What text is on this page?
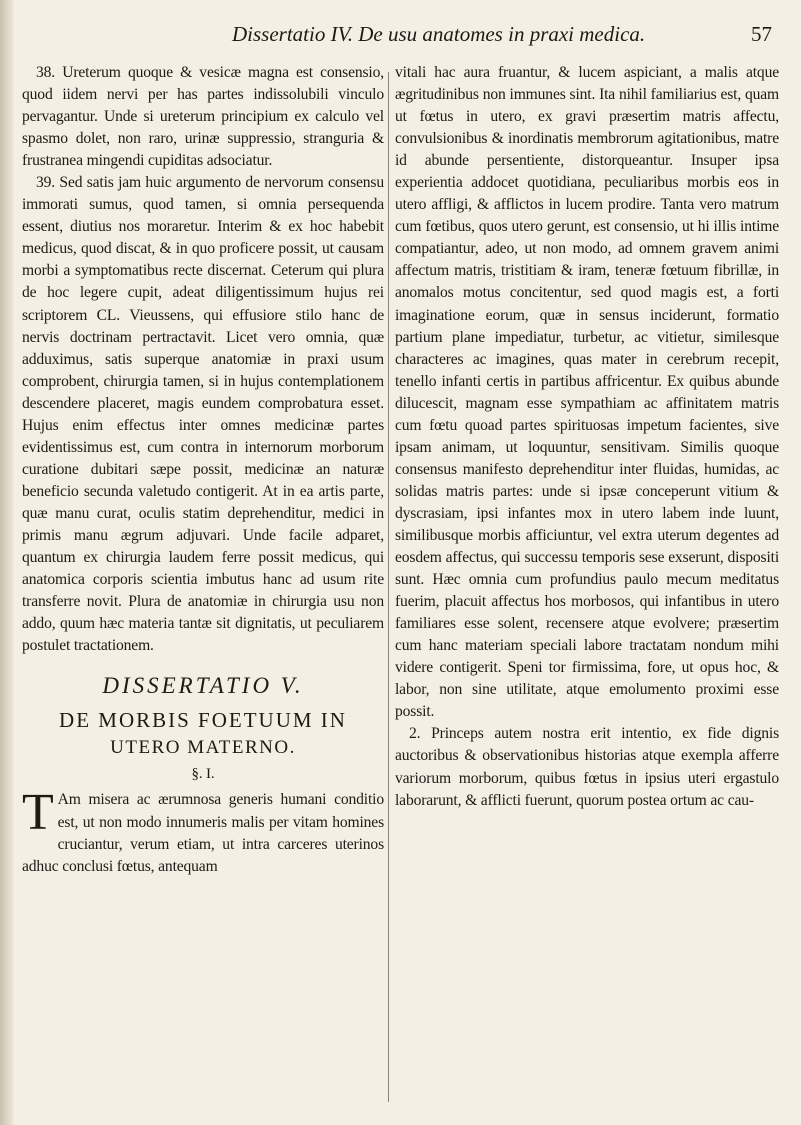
Dissertatio IV. De usu anatomes in praxi medica.	57

38. Ureterum quoque & vesicæ magna est consensio, quod iidem nervi per has partes indissolubili vinculo pervagantur. Unde si ureterum principium ex calculo vel spasmo dolet, non raro, urinæ suppressio, stranguria & frustranea mingendi cupiditas adsociatur.

39. Sed satis jam huic argumento de nervorum consensu immorati sumus, quod tamen, si omnia persequenda essent, diutius nos moraretur. Interim & ex hoc habebit medicus, quod discat, & in quo proficere possit, ut causam morbi a symptomatibus recte discernat. Ceterum qui plura de hoc legere cupit, adeat diligentissimum hujus rei scriptorem CL. Vieussens, qui effusiore stilo hanc de nervis doctrinam pertractavit. Licet vero omnia, quæ adduximus, satis superque anatomiæ in praxi usum comprobent, chirurgia tamen, si in hujus contemplationem descendere placeret, magis eundem comprobatura esset. Hujus enim effectus inter omnes medicinæ partes evidentissimus est, cum contra in internorum morborum curatione dubitari sæpe possit, medicinæ an naturæ beneficio secunda valetudo contigerit. At in ea artis parte, quæ manu curat, oculis statim deprehenditur, medici in primis manu ægrum adjuvari. Unde facile adparet, quantum ex chirurgia laudem ferre possit medicus, qui anatomica corporis scientia imbutus hanc ad usum rite transferre novit. Plura de anatomiæ in chirurgia usu non addo, quum hæc materia tantæ sit dignitatis, ut peculiarem postulet tractationem.

DISSERTATIO V.
DE MORBIS FOETUUM IN
UTERO MATERNO.
§. I.

T Am misera ac ærumnosa generis humani conditio est, ut non modo innumeris malis per vitam homines cruciantur, verum etiam, ut intra carceres uterinos adhuc conclusi fœtus, antequam

vitali hac aura fruantur, & lucem aspiciant, a malis atque ægritudinibus non immunes sint. Ita nihil familiarius est, quam ut fœtus in utero, ex gravi præsertim matris affectu, convulsionibus & inordinatis membrorum agitationibus, matre id abunde persentiente, distorqueantur. Insuper ipsa experientia addocet quotidiana, peculiaribus morbis eos in utero affligi, & afflictos in lucem prodire. Tanta vero matrum cum fœtibus, quos utero gerunt, est consensio, ut hi illis intime compatiantur, adeo, ut non modo, ad omnem gravem animi affectum matris, tristitiam & iram, teneræ fœtuum fibrillæ, in anomalos motus concitentur, sed quod magis est, a forti imaginatione eorum, quæ in sensus inciderunt, formatio partium plane impediatur, turbetur, ac vitietur, similesque characteres ac imagines, quas mater in cerebrum recepit, tenello infanti certis in partibus affricentur. Ex quibus abunde dilucescit, magnam esse sympathiam ac affinitatem matris cum fœtu quoad partes spirituosas impetum facientes, sive ipsam animam, ut loquuntur, sensitivam. Similis quoque consensus manifesto deprehenditur inter fluidas, humidas, ac solidas matris partes: unde si ipsæ conceperunt vitium & dyscrasiam, ipsi infantes mox in utero labem inde luunt, similibusque morbis afficiuntur, vel extra uterum degentes ad eosdem affectus, qui successu temporis sese exserunt, dispositi sunt. Hæc omnia cum profundius paulo mecum meditatus fuerim, placuit affectus hos morbosos, qui infantibus in utero familiares esse solent, recensere atque evolvere; præsertim cum hanc materiam speciali labore tractatam nondum mihi videre contigerit. Speni tor firmissima, fore, ut opus hoc, & labor, non sine utilitate, atque emolumento proximi esse possit.

2. Princeps autem nostra erit intentio, ex fide dignis auctoribus & observationibus historias atque exempla afferre variorum morborum, quibus fœtus in ipsius uteri ergastulo laborarunt, & afflicti fuerunt, quorum postea ortum ac cau-
